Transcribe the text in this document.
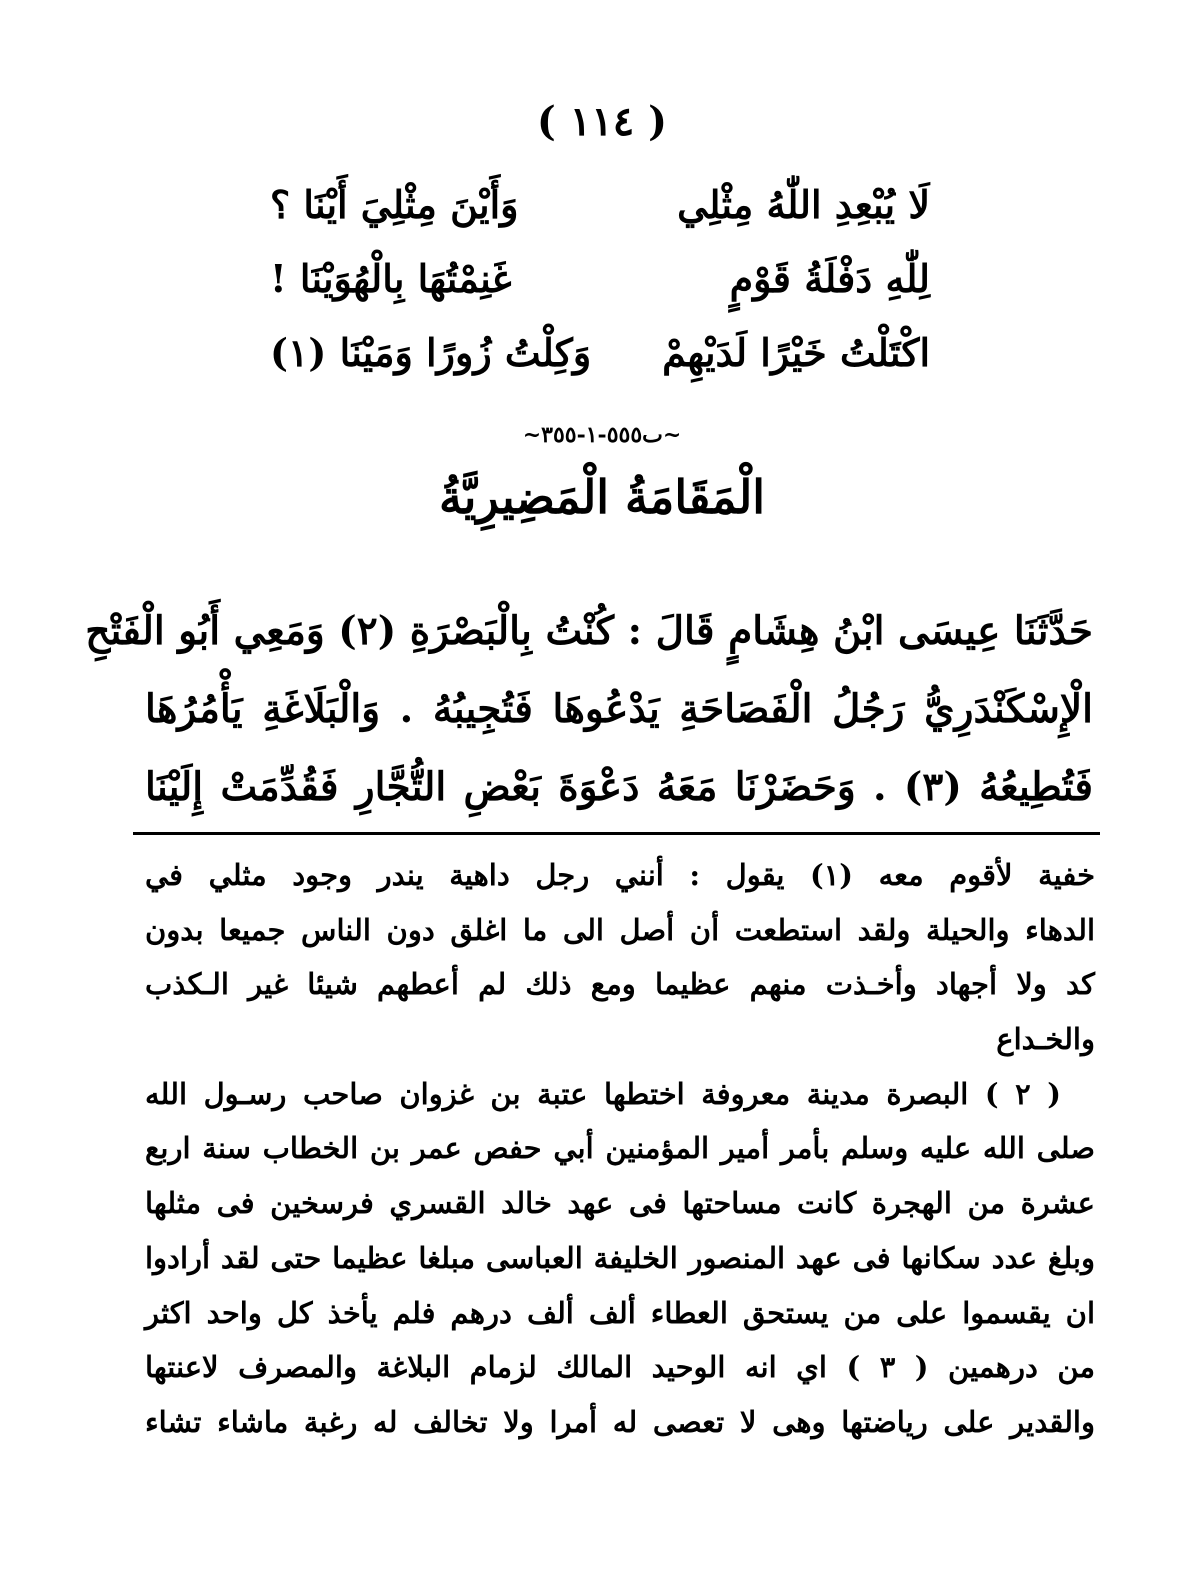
( ١١٤ )
لَا يُبْعِدِ اللّٰهُ مِثْلِي
وَأَيْنَ مِثْلِيَ أَيْنَا ؟
لِلّٰهِ دَفْلَةُ قَوْمٍ
غَنِمْتُهَا بِالْهُوَيْنَا !
اكْتَلْتُ خَيْرًا لَدَيْهِمْ
وَكِلْتُ زُورًا وَمَيْنَا (١)
~ٮ٥٥٥-١-٣٥٥~
الْمَقَامَةُ الْمَضِيرِيَّةُ
حَدَّثَنَا عِيسَى ابْنُ هِشَامٍ قَالَ : كُنْتُ بِالْبَصْرَةِ (٢) وَمَعِي أَبُو الْفَتْحِ
الْإِسْكَنْدَرِيُّ رَجُلُ الْفَصَاحَةِ يَدْعُوهَا فَتُجِيبُهُ . وَالْبَلَاغَةِ يَأْمُرُهَا
فَتُطِيعُهُ (٣) . وَحَضَرْنَا مَعَهُ دَعْوَةَ بَعْضِ التُّجَّارِ فَقُدِّمَتْ إِلَيْنَا
خفية لأقوم معه (١) يقول : أنني رجل داهية يندر وجود مثلي في
الدهاء والحيلة ولقد استطعت أن أصل الى ما اغلق دون الناس جميعا بدون
كد ولا أجهاد وأخـذت منهم عظيما ومع ذلك لم أعطهم شيئا غير الـكذب
والخـداع
( ٢ ) البصرة مدينة معروفة اختطها عتبة بن غزوان صاحب رسـول الله
صلى الله عليه وسلم بأمر أمير المؤمنين أبي حفص عمر بن الخطاب سنة اربع
عشرة من الهجرة كانت مساحتها فى عهد خالد القسري فرسخين فى مثلها
وبلغ عدد سكانها فى عهد المنصور الخليفة العباسى مبلغا عظيما حتى لقد أرادوا
ان يقسموا على من يستحق العطاء ألف ألف درهم فلم يأخذ كل واحد اكثر
من درهمين ( ٣ ) اي انه الوحيد المالك لزمام البلاغة والمصرف لاعنتها
والقدير على رياضتها وهى لا تعصى له أمرا ولا تخالف له رغبة ماشاء تشاء
